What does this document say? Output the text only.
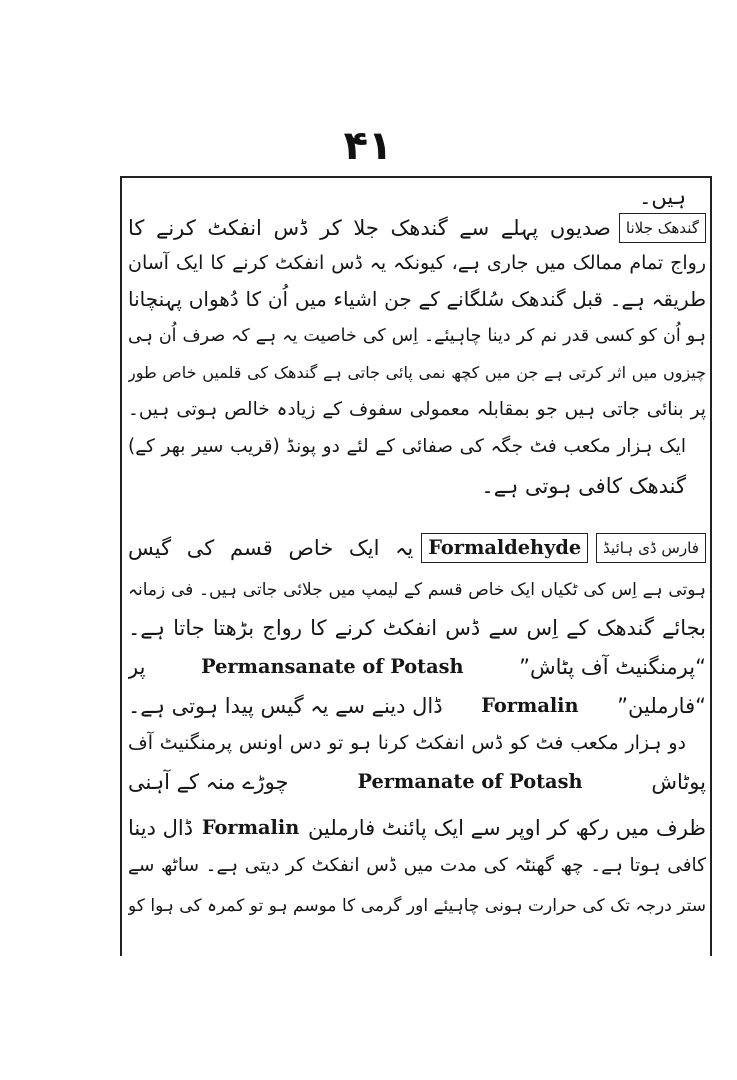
۴۱
ہیں۔
گندھک جلانا
صدیوں پہلے سے گندھک جلا کر ڈس انفکٹ کرنے کا
رواج تمام ممالک میں جاری ہے، کیونکہ یہ ڈس انفکٹ کرنے کا ایک آسان
طریقہ ہے۔ قبل گندھک سُلگانے کے جن اشیاء میں اُن کا دُھواں پہنچانا
ہو اُن کو کسی قدر نم کر دینا چاہیئے۔ اِس کی خاصیت یہ ہے کہ صرف اُن ہی
چیزوں میں اثر کرتی ہے جن میں کچھ نمی پائی جاتی ہے گندھک کی قلمیں خاص طور
پر بنائی جاتی ہیں جو بمقابلہ معمولی سفوف کے زیادہ خالص ہوتی ہیں۔
ایک ہزار مکعب فٹ جگہ کی صفائی کے لئے دو پونڈ (قریب سیر بھر کے)
گندھک کافی ہوتی ہے۔
فارس ڈی ہائیڈ
Formaldehyde
یہ ایک خاص قسم کی گیس
ہوتی ہے اِس کی ٹکیاں ایک خاص قسم کے لیمپ میں جلائی جاتی ہیں۔ فی زمانہ
بجائے گندھک کے اِس سے ڈس انفکٹ کرنے کا رواج بڑھتا جاتا ہے۔
“پرمنگنیٹ آف پٹاش”
Permansanate of Potash
پر
“فارملین”
Formalin
ڈال دینے سے یہ گیس پیدا ہوتی ہے۔
دو ہزار مکعب فٹ کو ڈس انفکٹ کرنا ہو تو دس اونس پرمنگنیٹ آف
پوٹاش
Permanate of Potash
چوڑے منہ کے آہنی
ظرف میں رکھ کر اوپر سے ایک پائنٹ فارملین
Formalin
ڈال دینا
کافی ہوتا ہے۔ چھ گھنٹہ کی مدت میں ڈس انفکٹ کر دیتی ہے۔ ساٹھ سے
ستر درجہ تک کی حرارت ہونی چاہیئے اور گرمی کا موسم ہو تو کمرہ کی ہوا کو
